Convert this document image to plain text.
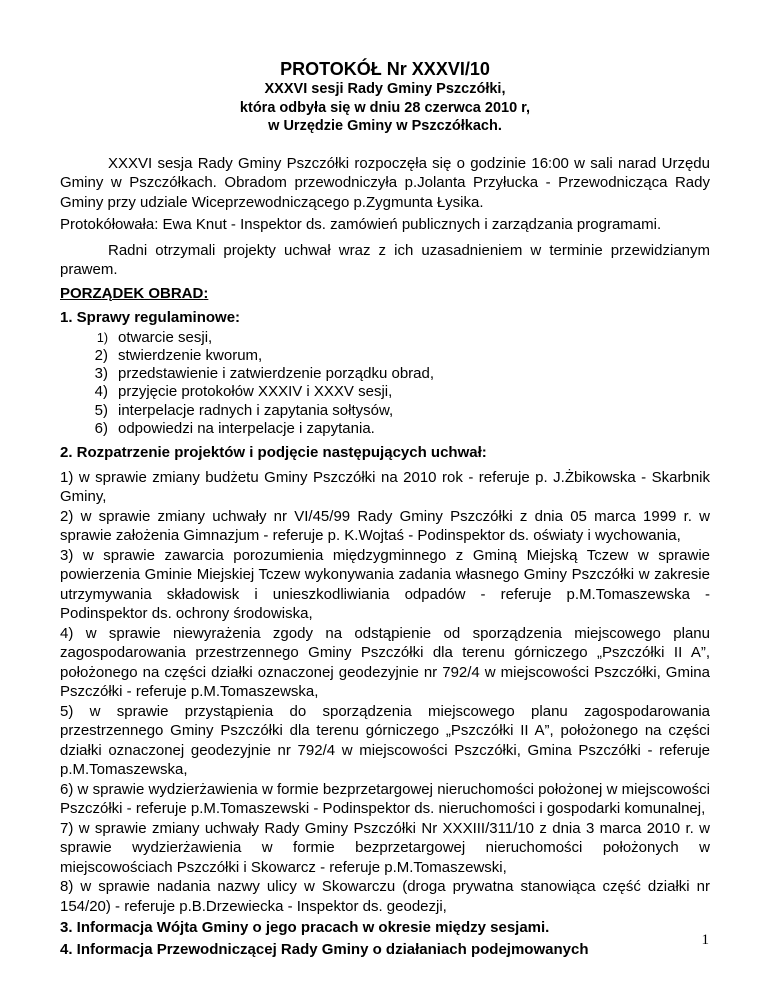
PROTOKÓŁ Nr XXXVI/10
XXXVI sesji Rady Gminy Pszczółki,
która odbyła się w dniu 28 czerwca 2010 r,
w Urzędzie Gminy w Pszczółkach.

XXXVI sesja Rady Gminy Pszczółki rozpoczęła się o godzinie 16:00 w sali narad Urzędu Gminy w Pszczółkach. Obradom przewodniczyła p.Jolanta Przyłucka - Przewodnicząca Rady Gminy przy udziale Wiceprzewodniczącego p.Zygmunta Łysika.

Protokółowała: Ewa Knut - Inspektor ds. zamówień publicznych i zarządzania programami.

Radni otrzymali projekty uchwał wraz z ich uzasadnieniem w terminie przewidzianym prawem.

PORZĄDEK OBRAD:
1. Sprawy regulaminowe:
1) otwarcie sesji,
2) stwierdzenie kworum,
3) przedstawienie i zatwierdzenie porządku obrad,
4) przyjęcie protokołów XXXIV i XXXV sesji,
5) interpelacje radnych i zapytania sołtysów,
6) odpowiedzi na interpelacje i zapytania.
2. Rozpatrzenie projektów i podjęcie następujących uchwał:

1) w sprawie zmiany budżetu Gminy Pszczółki na 2010 rok - referuje p. J.Żbikowska - Skarbnik Gminy,

2) w sprawie zmiany uchwały nr VI/45/99 Rady Gminy Pszczółki z dnia 05 marca 1999 r. w sprawie założenia Gimnazjum - referuje p. K.Wojtaś - Podinspektor ds. oświaty i wychowania,

3) w sprawie zawarcia porozumienia międzygminnego z Gminą Miejską Tczew w sprawie powierzenia Gminie Miejskiej Tczew wykonywania zadania własnego Gminy Pszczółki w zakresie utrzymywania składowisk i unieszkodliwiania odpadów - referuje p.M.Tomaszewska - Podinspektor ds. ochrony środowiska,

4) w sprawie niewyrażenia zgody na odstąpienie od sporządzenia miejscowego planu zagospodarowania przestrzennego Gminy Pszczółki dla terenu górniczego „Pszczółki II A”, położonego na części działki oznaczonej geodezyjnie nr 792/4 w miejscowości Pszczółki, Gmina Pszczółki - referuje p.M.Tomaszewska,

5) w sprawie przystąpienia do sporządzenia miejscowego planu zagospodarowania przestrzennego Gminy Pszczółki dla terenu górniczego „Pszczółki II A”, położonego na części działki oznaczonej geodezyjnie nr 792/4 w miejscowości Pszczółki, Gmina Pszczółki - referuje p.M.Tomaszewska,

6) w sprawie wydzierżawienia w formie bezprzetargowej nieruchomości położonej w miejscowości Pszczółki - referuje p.M.Tomaszewski - Podinspektor ds. nieruchomości i gospodarki komunalnej,

7) w sprawie zmiany uchwały Rady Gminy Pszczółki Nr XXXIII/311/10 z dnia 3 marca 2010 r. w sprawie wydzierżawienia w formie bezprzetargowej nieruchomości położonych w miejscowościach Pszczółki i Skowarcz - referuje p.M.Tomaszewski,

8) w sprawie nadania nazwy ulicy w Skowarczu (droga prywatna stanowiąca część działki nr 154/20) - referuje p.B.Drzewiecka - Inspektor ds. geodezji,

3. Informacja Wójta Gminy o jego pracach w okresie między sesjami.
4. Informacja Przewodniczącej Rady Gminy o działaniach podejmowanych
1
